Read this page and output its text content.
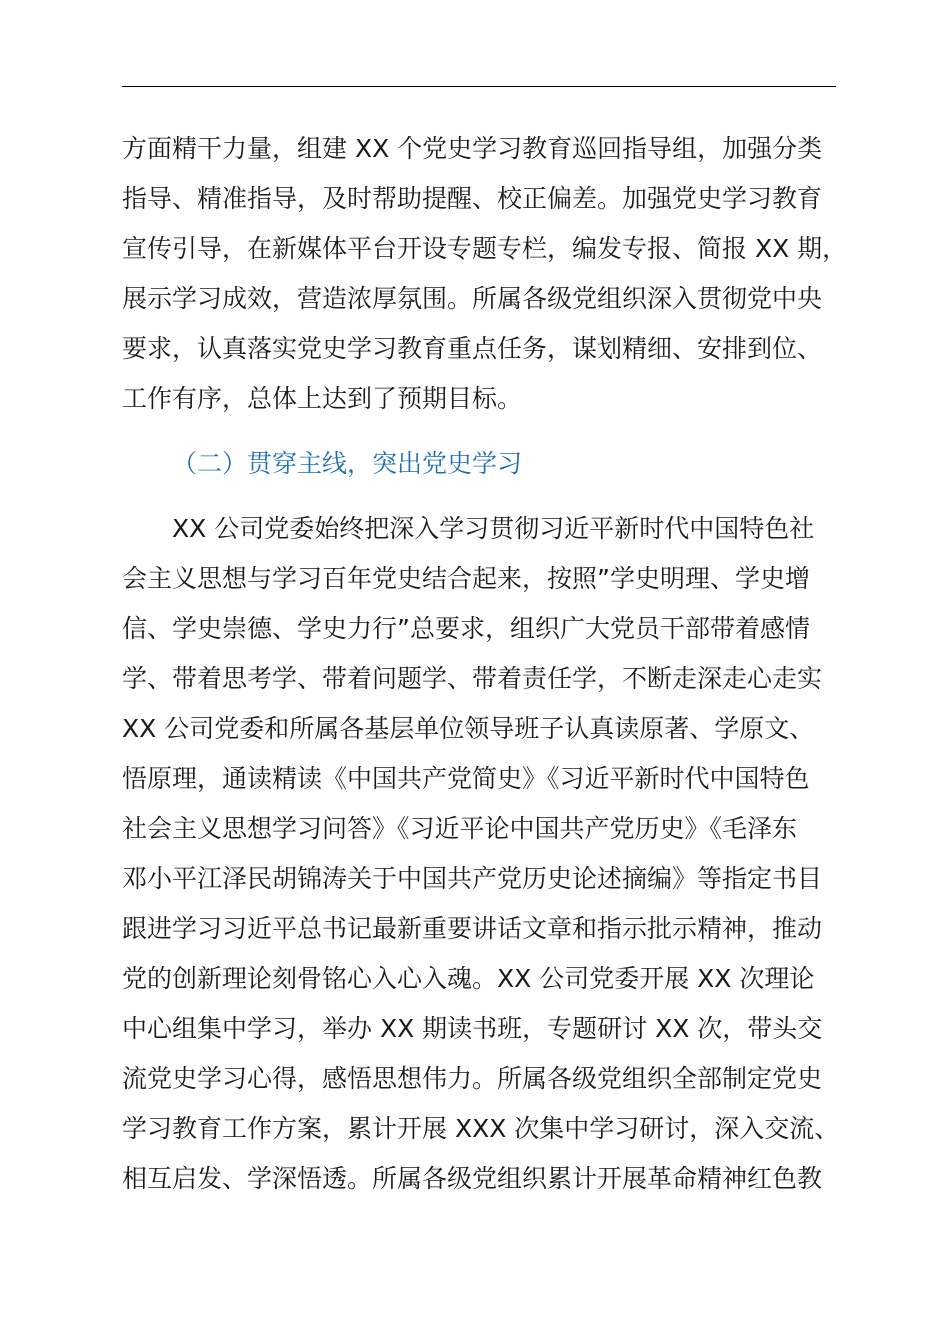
方面精干力量，组建 XX 个党史学习教育巡回指导组，加强分类
指导、精准指导，及时帮助提醒、校正偏差。加强党史学习教育
宣传引导，在新媒体平台开设专题专栏，编发专报、简报 XX 期，
展示学习成效，营造浓厚氛围。所属各级党组织深入贯彻党中央
要求，认真落实党史学习教育重点任务，谋划精细、安排到位、
工作有序，总体上达到了预期目标。
（二）贯穿主线，突出党史学习
XX 公司党委始终把深入学习贯彻习近平新时代中国特色社
会主义思想与学习百年党史结合起来，按照”学史明理、学史增
信、学史崇德、学史力行”总要求，组织广大党员干部带着感情
学、带着思考学、带着问题学、带着责任学，不断走深走心走实
XX 公司党委和所属各基层单位领导班子认真读原著、学原文、
悟原理，通读精读《中国共产党简史》《习近平新时代中国特色
社会主义思想学习问答》《习近平论中国共产党历史》《毛泽东
邓小平江泽民胡锦涛关于中国共产党历史论述摘编》等指定书目
跟进学习习近平总书记最新重要讲话文章和指示批示精神，推动
党的创新理论刻骨铭心入心入魂。XX 公司党委开展 XX 次理论
中心组集中学习，举办 XX 期读书班，专题研讨 XX 次，带头交
流党史学习心得，感悟思想伟力。所属各级党组织全部制定党史
学习教育工作方案，累计开展 XXX 次集中学习研讨，深入交流、
相互启发、学深悟透。所属各级党组织累计开展革命精神红色教
